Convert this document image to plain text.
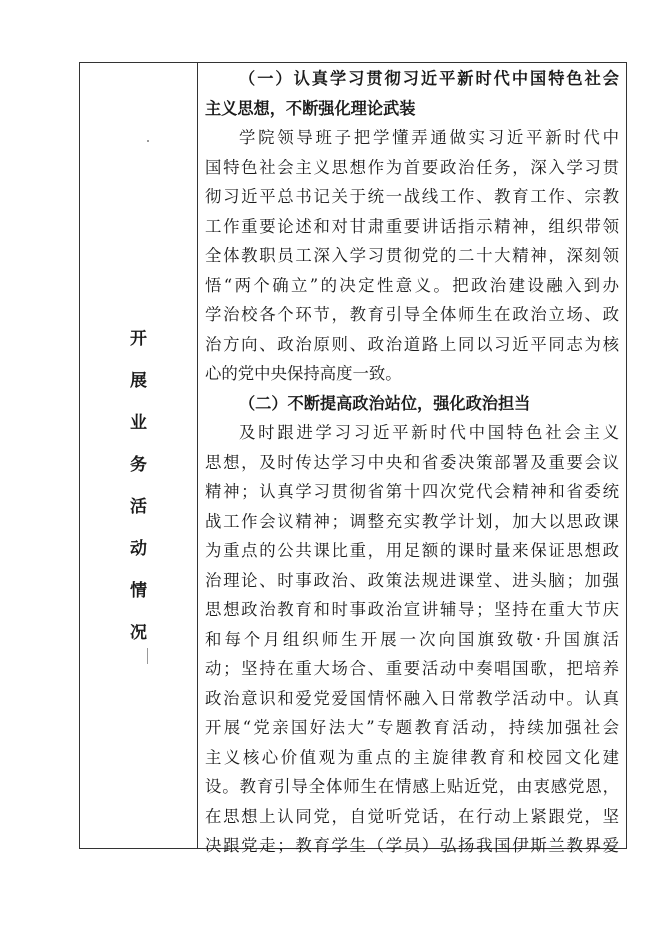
开
展
业
务
活
动
情
况
（一）认真学习贯彻习近平新时代中国特色社会
主义思想，不断强化理论武装
学院领导班子把学懂弄通做实习近平新时代中
国特色社会主义思想作为首要政治任务，深入学习贯
彻习近平总书记关于统一战线工作、教育工作、宗教
工作重要论述和对甘肃重要讲话指示精神，组织带领
全体教职员工深入学习贯彻党的二十大精神，深刻领
悟“两个确立”的决定性意义。把政治建设融入到办
学治校各个环节，教育引导全体师生在政治立场、政
治方向、政治原则、政治道路上同以习近平同志为核
心的党中央保持高度一致。
（二）不断提高政治站位，强化政治担当
及时跟进学习习近平新时代中国特色社会主义
思想，及时传达学习中央和省委决策部署及重要会议
精神；认真学习贯彻省第十四次党代会精神和省委统
战工作会议精神；调整充实教学计划，加大以思政课
为重点的公共课比重，用足额的课时量来保证思想政
治理论、时事政治、政策法规进课堂、进头脑；加强
思想政治教育和时事政治宣讲辅导；坚持在重大节庆
和每个月组织师生开展一次向国旗致敬·升国旗活
动；坚持在重大场合、重要活动中奏唱国歌，把培养
政治意识和爱党爱国情怀融入日常教学活动中。认真
开展“党亲国好法大”专题教育活动，持续加强社会
主义核心价值观为重点的主旋律教育和校园文化建
设。教育引导全体师生在情感上贴近党，由衷感党恩，
在思想上认同党，自觉听党话，在行动上紧跟党，坚
决跟党走；教育学生（学员）弘扬我国伊斯兰教界爱
